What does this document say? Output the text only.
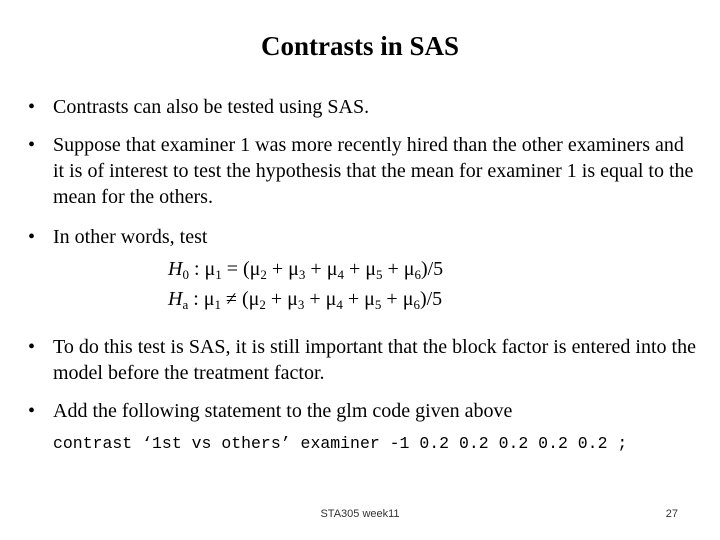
Contrasts in SAS
• Contrasts can also be tested using SAS.
• Suppose that examiner 1 was more recently hired than the other examiners and it is of interest to test the hypothesis that the mean for examiner 1 is equal to the mean for the others.
• In other words, test
$H_0$ : $\mu_1 = (\mu_2 + \mu_3 + \mu_4 + \mu_5 + \mu_6)/5$
$H_a$ : $\mu_1 \ne (\mu_2 + \mu_3 + \mu_4 + \mu_5 + \mu_6)/5$
• To do this test is SAS, it is still important that the block factor is entered into the model before the treatment factor.
• Add the following statement to the glm code given above
contrast ‘1st vs others’ examiner -1 0.2 0.2 0.2 0.2 0.2 ;
STA305 week11	27
